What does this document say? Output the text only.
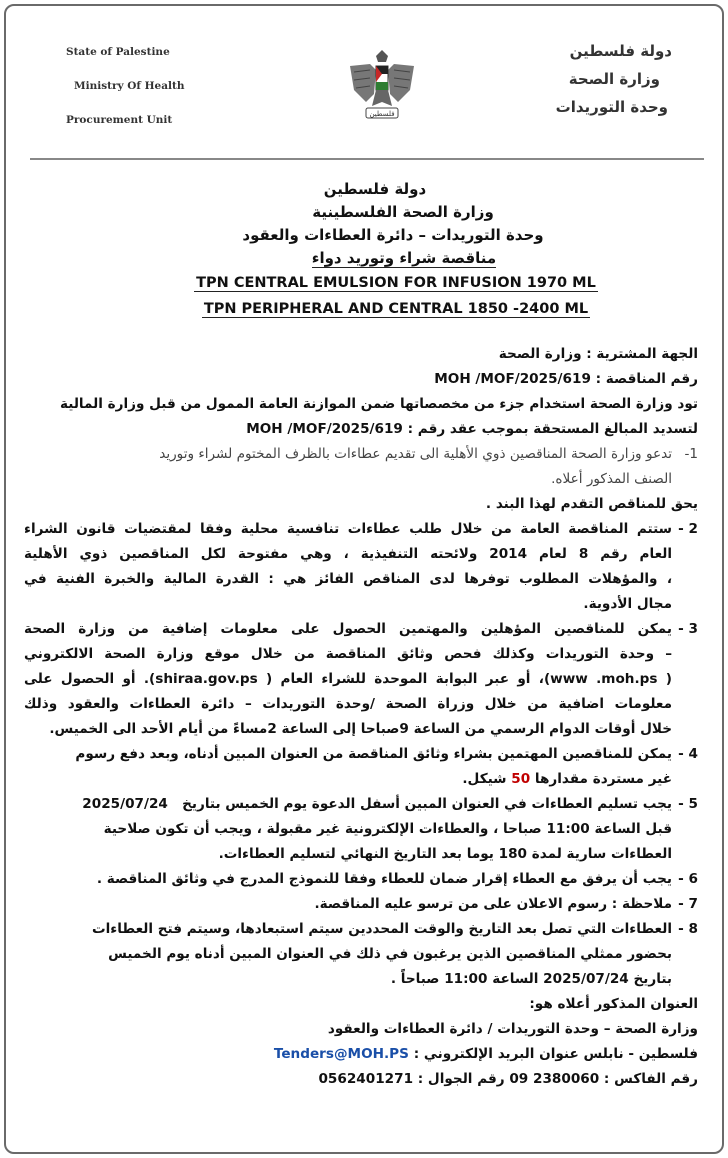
State of Palestine
Ministry Of Health
Procurement Unit	فلسطين
دولة فلسطين
وزارة الصحة
وحدة التوريدات
دولة فلسطين
وزارة الصحة الفلسطينية
وحدة التوريدات – دائرة العطاءات والعقود
مناقصة شراء وتوريد دواء
TPN CENTRAL EMULSION FOR INFUSION 1970 ML
TPN PERIPHERAL AND CENTRAL 1850 -2400 ML
الجهة المشترية : وزارة الصحة
رقم المناقصة : MOH /MOF/2025/619
تود وزارة الصحة استخدام جزء من مخصصاتها ضمن الموازنة العامة الممول من قبل وزارة المالية
لتسديد المبالغ المستحقة بموجب عقد رقم : MOH /MOF/2025/619
1-
تدعو وزارة الصحة المناقصين ذوي الأهلية الى تقديم عطاءات بالظرف المختوم لشراء وتوريد
الصنف المذكور أعلاه.
يحق للمناقص التقدم لهذا البند .
2 -
ستتم المناقصة العامة من خلال طلب عطاءات تنافسية محلية وفقا لمقتضيات قانون الشراء
العام رقم 8 لعام 2014 ولائحته التنفيذية ، وهي مفتوحة لكل المناقصين ذوي الأهلية
، والمؤهلات المطلوب توفرها لدى المناقص الفائز هي : القدرة المالية والخبرة الفنية في
مجال الأدوية.
3 -
يمكن للمناقصين المؤهلين والمهتمين الحصول على معلومات إضافية من وزارة الصحة
– وحدة التوريدات وكذلك فحص وثائق المناقصة من خلال موقع وزارة الصحة الالكتروني
( www .moh.ps)، أو عبر البوابة الموحدة للشراء العام ( shiraa.gov.ps). أو الحصول على
معلومات اضافية من خلال وزراة الصحة /وحدة التوريدات – دائرة العطاءات والعقود وذلك
خلال أوقات الدوام الرسمي من الساعة 9صباحا إلى الساعة 2مساءً من أيام الأحد الى الخميس.
4 -
يمكن للمناقصين المهتمين بشراء وثائق المناقصة من العنوان المبين أدناه، وبعد دفع رسوم
غير مستردة مقدارها 50 شيكل.
5 -
يجب تسليم العطاءات في العنوان المبين أسفل الدعوة يوم الخميس بتاريخ   2025/07/24
قبل الساعة 11:00 صباحا ، والعطاءات الإلكترونية غير مقبولة ، ويجب أن تكون صلاحية
العطاءات سارية لمدة 180 يوما بعد التاريخ النهائي لتسليم العطاءات.
6 -
يجب أن يرفق مع العطاء إقرار ضمان للعطاء وفقا للنموذج المدرج في وثائق المناقصة .
7 -
ملاحظة : رسوم الاعلان على من ترسو عليه المناقصة.
8 -
العطاءات التي تصل بعد التاريخ والوقت المحددين سيتم استبعادها، وسيتم فتح العطاءات
بحضور ممثلي المناقصين الذين يرغبون في ذلك في العنوان المبين أدناه يوم الخميس
بتاريخ 2025/07/24 الساعة 11:00 صباحاً .
العنوان المذكور أعلاه هو:
وزارة الصحة – وحدة التوريدات / دائرة العطاءات والعقود
فلسطين - نابلس عنوان البريد الإلكتروني : Tenders@MOH.PS
رقم الفاكس : 2380060 09 رقم الجوال : 0562401271
